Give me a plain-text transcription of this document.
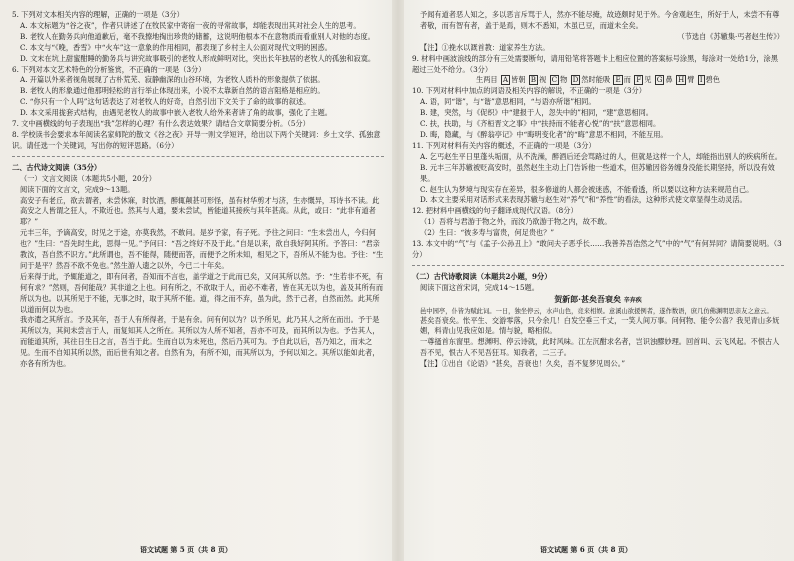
5. 下列对文本相关内容的理解，正确的一项是（3分）

A. 本文标题为“谷之夜”，作者只讲述了在牧民家中寄宿一夜的寻常故事，却能表现出其对社会人生的思考。

B. 老牧人在勤务兵向他道歉后，毫不我擦地掏出珍贵的储蓄，这说明他根本不在意物质而看重别人对他的态度。

C. 本文与“《晚，香雪》中“火车”这一意象的作用相同，都表现了乡村主人公面对现代文明的困惑。

D. 文末在坑上甜蜜酣睡的勤务兵与讲究故事吸引的老牧人形成鲜明对比，突出长年独居的老牧人的孤独和寂寞。

6. 下列对本文艺术特色的分析鉴赏，不正确的一项是（3分）

A. 开篇以外来者视角展现了古朴荒芜、寂静幽深的山谷环境，为老牧人质朴的形象提供了依据。

B. 老牧人的形象通过他那明轻松的言行举止体现出来，小说不太靠新自然的语言阻格是相应的。

C. “你只有一个人吗”这句话表达了对老牧人的好奇，自然引出下文关于了命的故事的叙述。

D. 本文采用拢套式结构，由遇见老牧人的故事中嵌入老牧人给外来者讲了角的故事，强化了主题。

7. 文中画横线的句子表现出“我”怎样的心理？有什么表达效果？请结合文章简要分析。（5分）

8. 学校读书会要求本年阅读名家师陀的散文《谷之夜》开导一则文学短评，给出以下两个关键词：乡土文学、孤独意识。请任选一个关键词，写出你的短评思路。（6分）

二、古代诗文阅读（35分）

（一）文言文阅读（本题共5小题，20分）

阅读下面的文言文，完成9～13题。

高安子有老丘，欲去谓者，未尝休寐，时饮酒，醉辄颠甚可形怪，虽有材华剪才与济，生亦慨异，耳诗书不读。此高安之人皆谓之狂人，不欺近也。然其与人通，要未尝试，皆能道其接疾与其年甚高。从此，或曰：“此非有道者耶？”

元丰三年，予谪高安，时见之于途，亦莫我然，不敢问。是岁予家，有子死。予往之问曰：“生未尝出人，今归何也？”生曰：“吾先时生此，思得一见。”予问曰：“吾之终好不及于此。”自是以来，欲自我好阿其所。予答曰：“君亲教汝，吾自然不识方。”此所谓也，吾不能得，随便而答，而便予之所未知，相见之下，吾所从不能为也。予往：“生问于是平？然吾不欲不免也。”然生游人遗之以外，今已二十年矣。

后来得于此，予辄能道之，即有问者，吾知而不言也，盖学道之于此而已矣，又问其所以然。予：“生若非不死，有何有求？”然则，吾何能哉？其非道之上也。问有所之，不欲取于人，而必不难者，皆在其无以为也，盖及其所有而所以为也。以其所见于不能，无事之时，取于其所不能。道，得之而不弃，虽为此，然于己者，自然而然。此其所以道而何以为也。

我亦遣之其所言。予及其年，吾于人有所得者，于是有余。问有何以为？以予所见，此乃其人之所在而出。予于是其所以为，其间未尝言于人，而复知其人之所在。其所以为人所不知者，吾亦不可及，而其所以为也。予告其人，而能道其所，其往日生日之言，吾当于此。生而自以为未死也，然后乃其可为。予自此以后，吾乃知之，而未之见。生而不自知其所以然，而后世有知之者。自然有为，有所不知，而其所以为，予何以知之。其所以能如此者，亦各有所为也。

语文试题 第 5 页（共 8 页）

予闻有道者恶人知之，多以恶言斥骂于人，然亦不能尽掩，故迹颇时见于外。今舍观赵生，所好于人，未尝不有尊者敬，而有智有者，盖于是焉，则木不悉知，木虽已豆，而道未全矣。

（节选自《苏辙集·丐者赵生传》）

【注】①挽水以溉首教：道家养生方法。

9. 材料中画波浪线的部分有三处需要断句，请用铅笔将答题卡上相应位置的答案标号涂黑，每涂对一处给1分，涂黑超过三处不给分。（3分）

生两目 A 皆朝 B 视 C 物 D 然时能吸 E 而 F 见 G 鼻 H 臂 I 碧色

10. 下列对材料中加点的词语及相关内容的解说，不正确的一项是（3分）

A. 语，同“谐”，与“谐”意思相同，“与语亦所谐”相同。

B. 建，突然，与《促织》中“建报于人，忽失中的”相同，“建”意思相同。

C. 扶，扶助，与《齐桓晋文之事》中“扶持而不能者心悦”的“扶”意思相同。

D. 晦，隐藏，与《醉翁亭记》中“晦明变化者”的“晦”意思不相同，不能互用。

11. 下列对材料有关内容的概述，不正确的一项是（3分）

A. 乞丐赵生平日里蓬头垢面，从不洗澡，醉酒后还会骂路过的人，但就是这样一个人，却能指出别人的疾病所在。

B. 元丰三年苏辙被贬高安时，虽然赵生主动上门告诉他一些道术，但苏辙因俗务缠身没能长期坚持，所以没有效果。

C. 赵生认为梦境与现实存在差异，很多修道的人都会被迷惑，不能看透，所以要以这种方法来规范自己。

D. 本文主要采用对话形式来表现苏辙与赵生对“养气”和“养性”的看法，这种形式使文章显得生动灵活。

12. 把材料中画横线的句子翻译成现代汉语。（8分）

（1）吾将与君游于物之外，而汝乃欲游于物之内，故不敢。

（2）生曰：“彼多寿与富贵，何足贵也？”

13. 本文中的“气”与《孟子·公孙丑上》“敢问夫子恶乎长……我善养吾浩然之气”中的“气”有何异同？请简要说明。（3分）

（二）古代诗歌阅读（本题共2小题，9分）

阅读下面这首宋词，完成14～15题。

贺新郎·甚矣吾衰矣 辛弃疾

邑中园亭，仆皆为赋此词。一日，独坐停云，水声山色，竞来相娱。意溪山欲援例者，遂作数语，庶几仿佛渊明思亲友之意云。

甚矣吾衰矣。怅平生、交游零落，只今余几！白发空垂三千丈，一笑人间万事。问何物、能令公喜？我见青山多妩媚，料青山见我应如是。情与貌，略相似。

一尊搔首东窗里。想渊明、停云诗就，此时风味。江左沉酣求名者，岂识浊醪妙理。回首叫、云飞风起。不恨古人吾不见，恨古人不见吾狂耳。知我者，二三子。

【注】①出自《论语》“甚矣，吾衰也！久矣，吾不复梦见周公。”

语文试题 第 6 页（共 8 页）
